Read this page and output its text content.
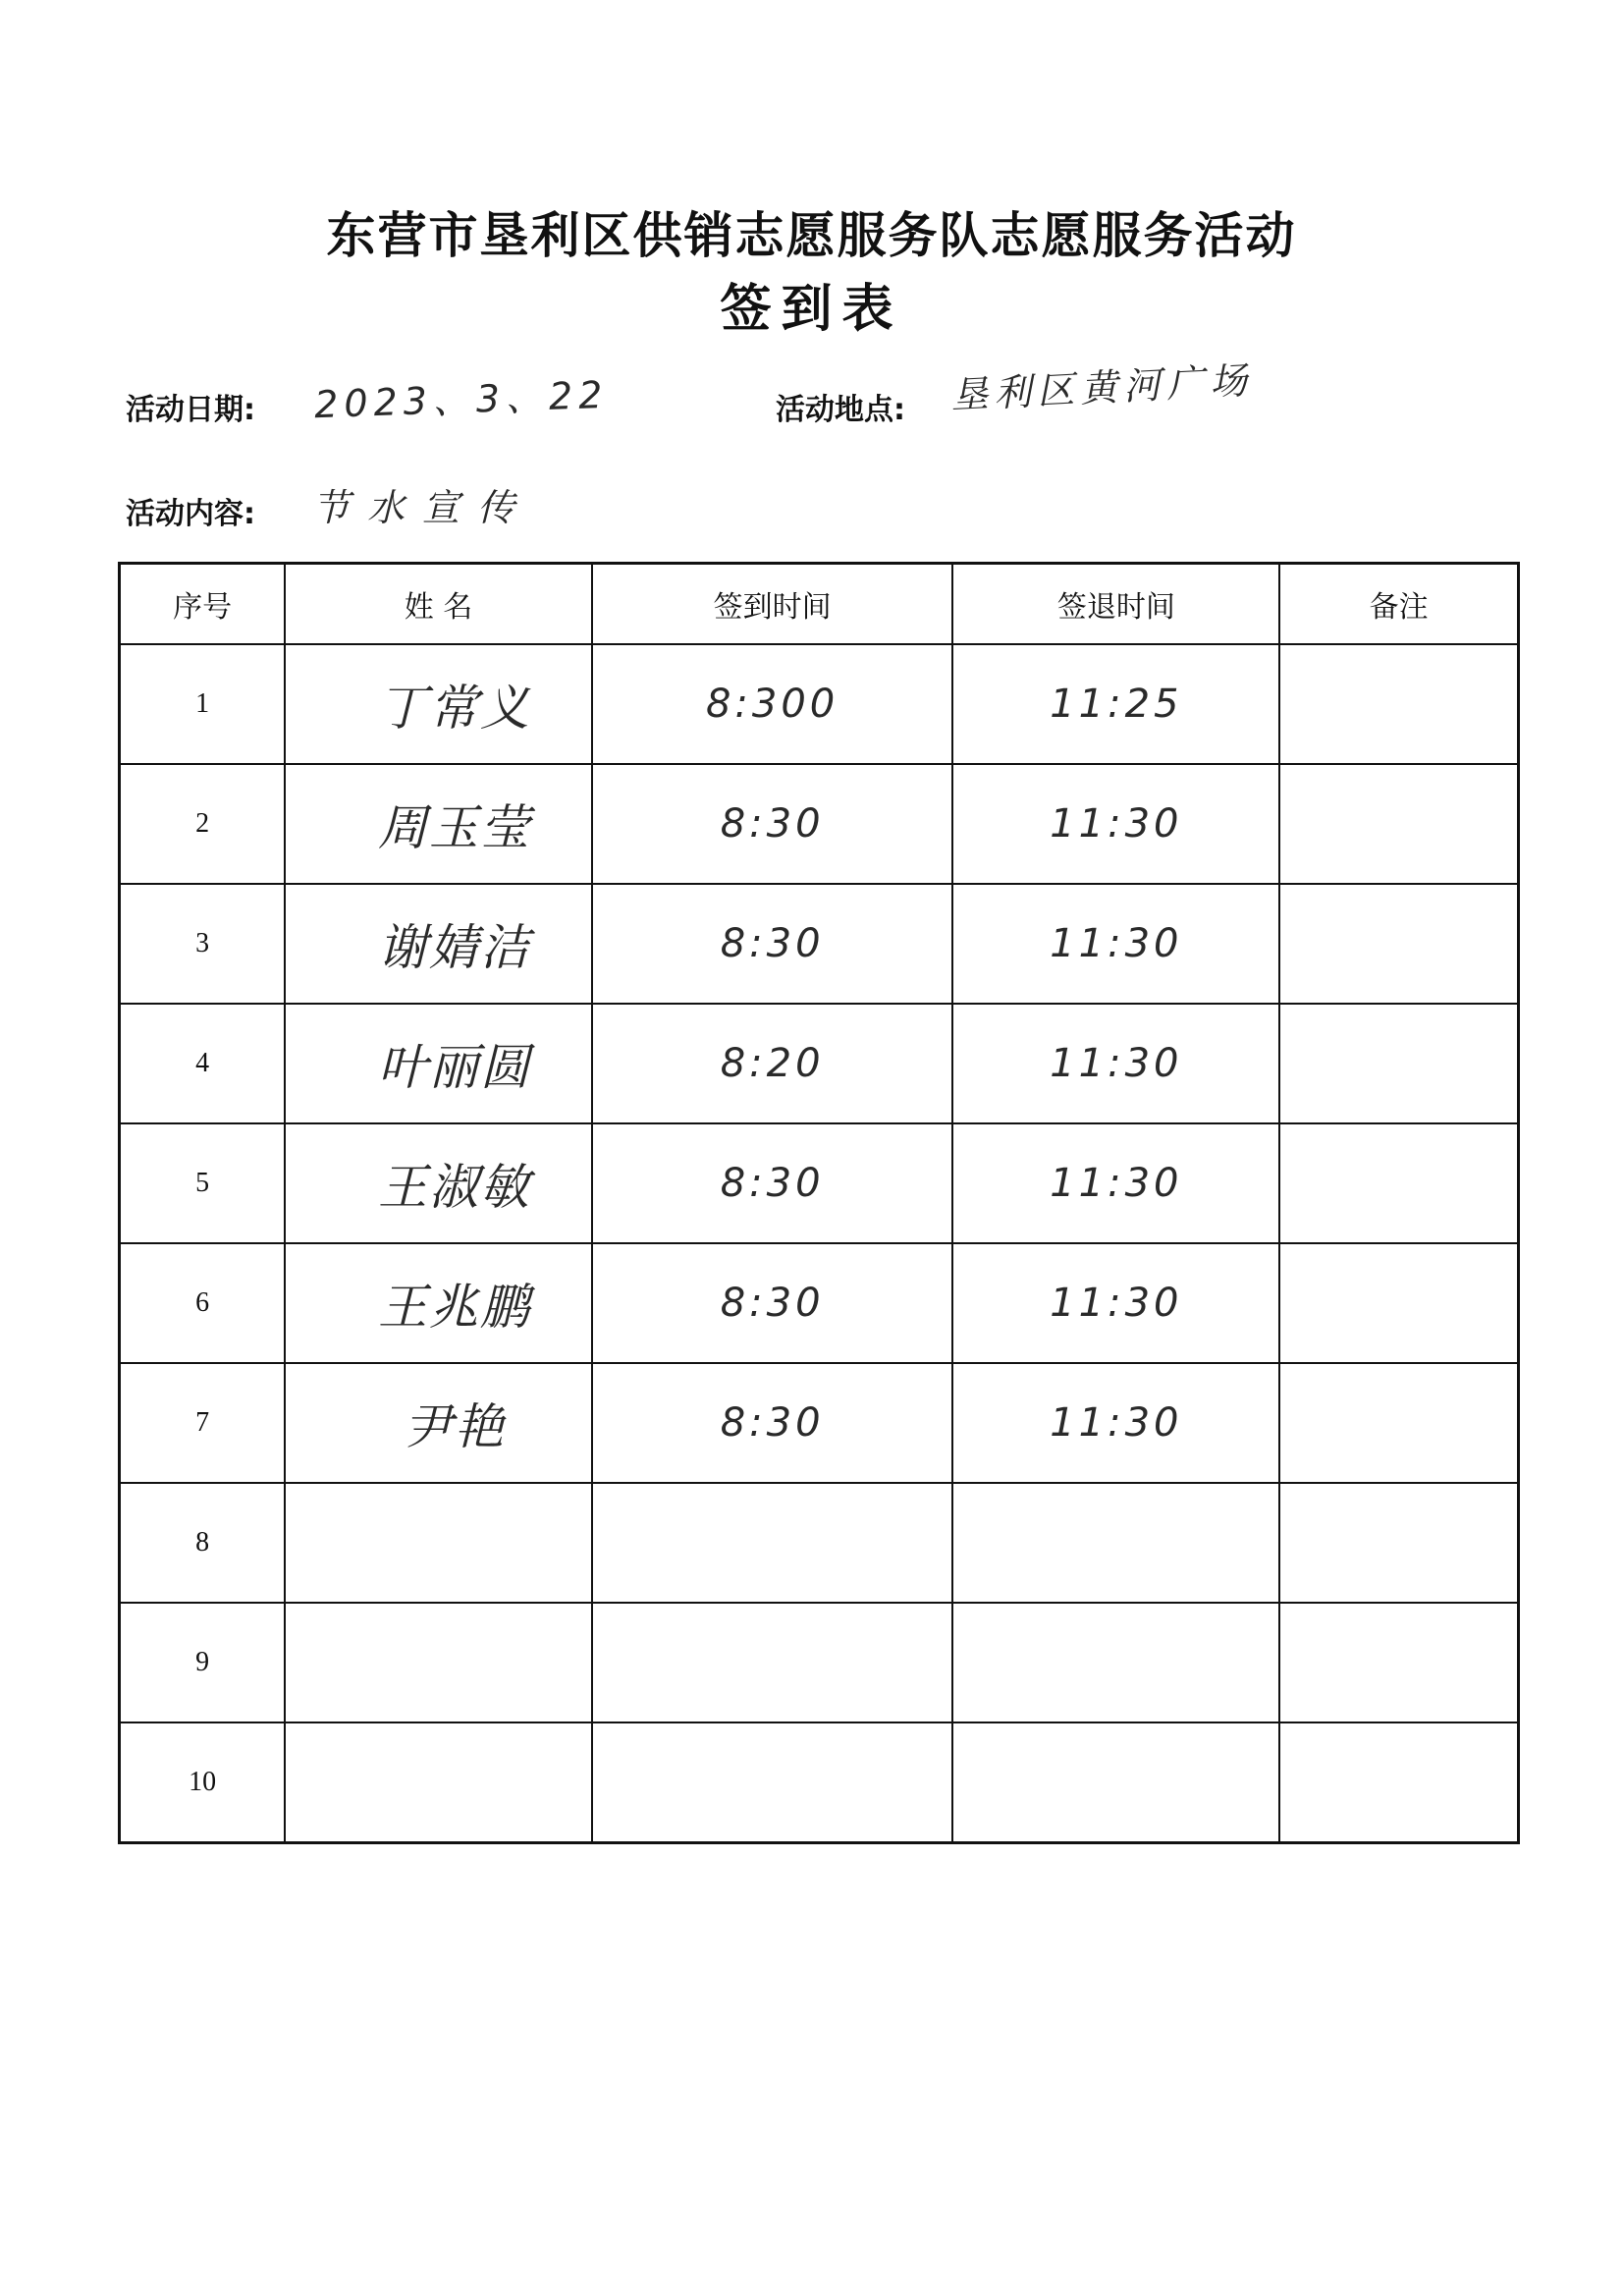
东营市垦利区供销志愿服务队志愿服务活动
签到表
活动日期: 2023、3、22	活动地点: 垦利区黄河广场
活动内容: 节水宣传
序号	姓 名	签到时间	签退时间	备注
1	丁常义	8:300	11:25	
2	周玉莹	8:30	11:30	
3	谢婧洁	8:30	11:30	
4	叶丽圆	8:20	11:30	
5	王淑敏	8:30	11:30	
6	王兆鹏	8:30	11:30	
7	尹艳	8:30	11:30	
8				
9				
10				
